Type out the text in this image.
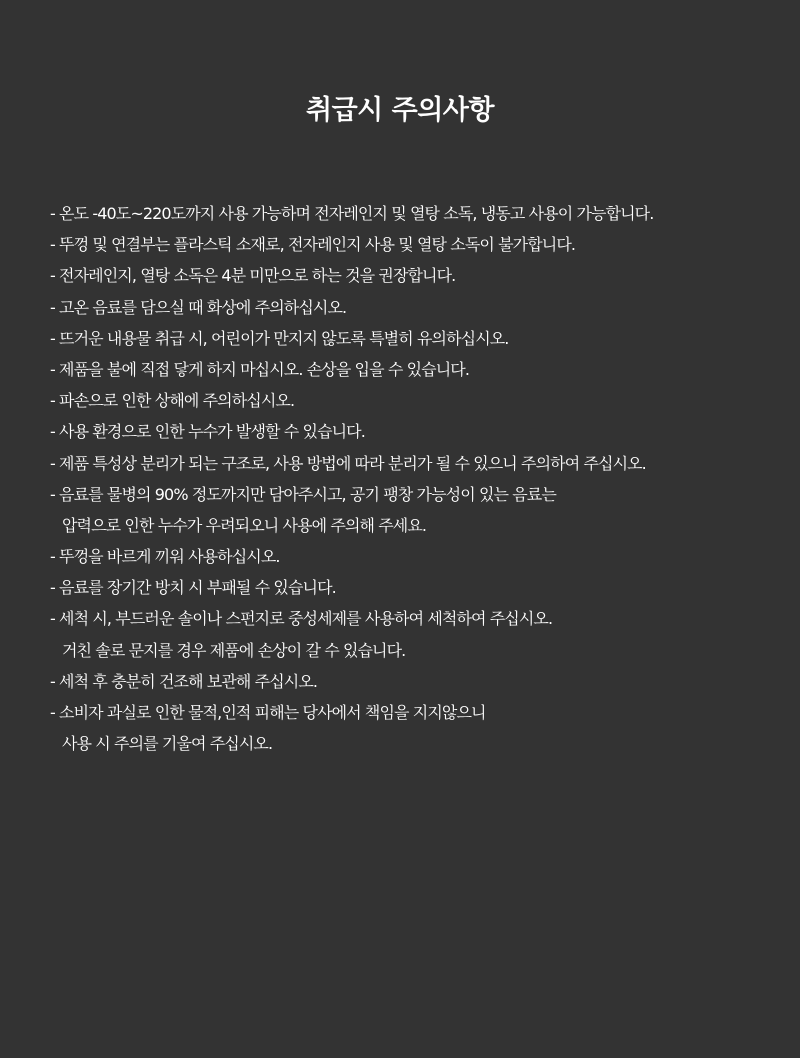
취급시 주의사항
- 온도 -40도~220도까지 사용 가능하며 전자레인지 및 열탕 소독, 냉동고 사용이 가능합니다.
- 뚜껑 및 연결부는 플라스틱 소재로, 전자레인지 사용 및 열탕 소독이 불가합니다.
- 전자레인지, 열탕 소독은 4분 미만으로 하는 것을 권장합니다.
- 고온 음료를 담으실 때 화상에 주의하십시오.
- 뜨거운 내용물 취급 시, 어린이가 만지지 않도록 특별히 유의하십시오.
- 제품을 불에 직접 닿게 하지 마십시오. 손상을 입을 수 있습니다.
- 파손으로 인한 상해에 주의하십시오.
- 사용 환경으로 인한 누수가 발생할 수 있습니다.
- 제품 특성상 분리가 되는 구조로, 사용 방법에 따라 분리가 될 수 있으니 주의하여 주십시오.
- 음료를 물병의 90% 정도까지만 담아주시고, 공기 팽창 가능성이 있는 음료는
압력으로 인한 누수가 우려되오니 사용에 주의해 주세요.
- 뚜껑을 바르게 끼워 사용하십시오.
- 음료를 장기간 방치 시 부패될 수 있습니다.
- 세척 시, 부드러운 솔이나 스펀지로 중성세제를 사용하여 세척하여 주십시오.
거친 솔로 문지를 경우 제품에 손상이 갈 수 있습니다.
- 세척 후 충분히 건조해 보관해 주십시오.
- 소비자 과실로 인한 물적,인적 피해는 당사에서 책임을 지지않으니
사용 시 주의를 기울여 주십시오.
